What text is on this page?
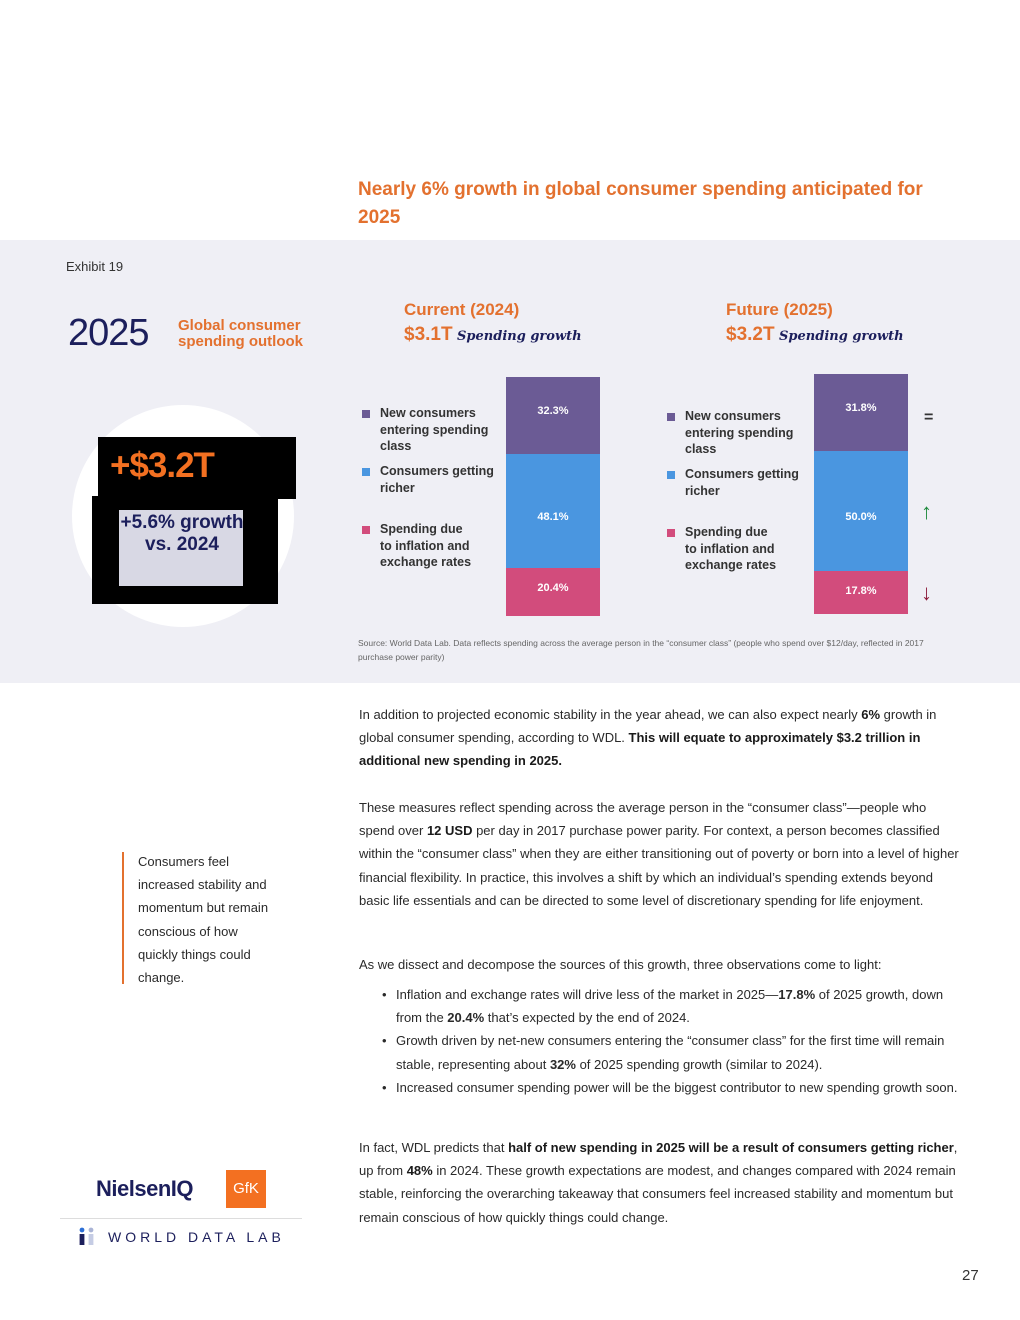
Nearly 6% growth in global consumer spending anticipated for 2025
Exhibit 19
2025 Global consumer spending outlook
+$3.2T
+5.6% growth vs. 2024
Current (2024)
$3.1T Spending growth
New consumers
entering spending
class
Consumers getting
richer
Spending due
to inflation and
exchange rates
32.3%
48.1%
20.4%
Future (2025)
$3.2T Spending growth
New consumers
entering spending
class
Consumers getting
richer
Spending due
to inflation and
exchange rates
31.8%
50.0%
17.8%
=
↑
↓
Source: World Data Lab. Data reflects spending across the average person in the “consumer class” (people who spend over $12/day, reflected in 2017 purchase power parity)
In addition to projected economic stability in the year ahead, we can also expect nearly 6% growth in global consumer spending, according to WDL. This will equate to approximately $3.2 trillion in additional new spending in 2025.
These measures reflect spending across the average person in the “consumer class”—people who spend over 12 USD per day in 2017 purchase power parity. For context, a person becomes classified within the “consumer class” when they are either transitioning out of poverty or born into a level of higher financial flexibility. In practice, this involves a shift by which an individual’s spending extends beyond basic life essentials and can be directed to some level of discretionary spending for life enjoyment.
As we dissect and decompose the sources of this growth, three observations come to light:
• Inflation and exchange rates will drive less of the market in 2025—17.8% of 2025 growth, down from the 20.4% that’s expected by the end of 2024.
• Growth driven by net-new consumers entering the “consumer class” for the first time will remain stable, representing about 32% of 2025 spending growth (similar to 2024).
• Increased consumer spending power will be the biggest contributor to new spending growth soon.
In fact, WDL predicts that half of new spending in 2025 will be a result of consumers getting richer, up from 48% in 2024. These growth expectations are modest, and changes compared with 2024 remain stable, reinforcing the overarching takeaway that consumers feel increased stability and momentum but remain conscious of how quickly things could change.
Consumers feel increased stability and momentum but remain conscious of how quickly things could change.
NielsenIQ	GfK
WORLD DATA LAB
27
